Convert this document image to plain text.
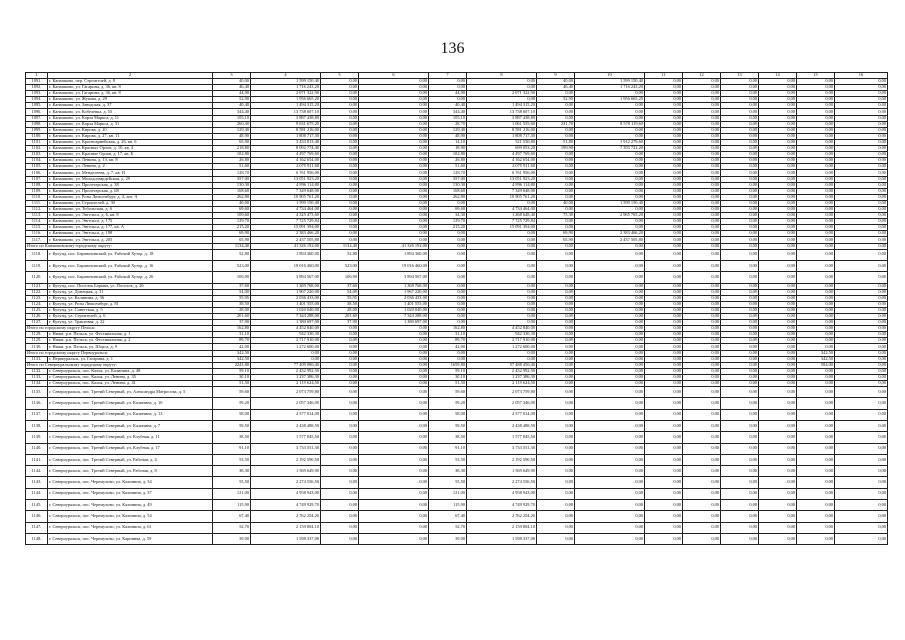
136
1	2	3	4	5	6	7	8	9	10	11	12	13	14	15	16
1091.	г. Канашково, пер. Строителей, д. 8	40,00	1 599 150,40	0,00	0,00	0,00	0,00	40,00	1 599 150,40	0,00	0,00	0,00	0,00	0,00	0,00
1092.	г. Канашково, ул. Гагарина, д. 36, кв. 8	46,40	1 716 243,20	0,00	0,00	0,00	0,00	46,40	1 716 243,20	0,00	0,00	0,00	0,00	0,00	0,00
1093.	г. Канашково, ул. Гагарина, д. 36, кв. 8	44,90	2 071 322,90	0,00	0,00	44,90	2 071 322,90	0,00	0,00	0,00	0,00	0,00	0,00	0,00	0,00
1094.	г. Канашково, ул. Жукова, д. 29	52,90	1 956 665,20	0,00	0,00	0,00	0,00	52,90	1 956 665,20	0,00	0,00	0,00	0,00	0,00	0,00
1095.	г. Канашково, ул. Заводская, д. 37	40,40	1 494 315,20	0,00	0,00	40,40	1 494 315,20	0,00	0,00	0,00	0,00	0,00	0,00	0,00	0,00
1096.	г. Канашково, ул. Кобелевка, д. 55	344,40	13 738 607,10	0,00	0,00	344,40	13 738 607,10	0,00	0,00	0,00	0,00	0,00	0,00	0,00	0,00
1097.	г. Канашково, ул. Карла Маркса, д. 11	105,10	3 887 438,80	0,00	0,00	105,10	3 887 438,80	0,00	0,00	0,00	0,00	0,00	0,00	0,00	0,00
1098.	г. Канашково, ул. Карла Маркса, д. 31	260,40	9 631 675,20	0,00	0,00	28,70	1 061 555,60	231,70	8 570 119,60	0,00	0,00	0,00	0,00	0,00	0,00
1099.	г. Канашково, ул. Кирова, д. 10	129,40	8 581 216,00	0,00	0,00	129,40	8 581 216,00	0,00	0,00	0,00	0,00	0,00	0,00	0,00	0,00
1100.	г. Канашково, ул. Кирова, д. 27, кв. 11	48,90	1 808 717,30	0,00	0,00	48,90	1 808 717,30	0,00	0,00	0,00	0,00	0,00	0,00	0,00	0,00
1101.	г. Канашково, ул. Красноармейская, д. 26, кв. 6	65,90	3 433 813,40	0,00	0,00	14,10	521 530,80	51,80	1 912 279,60	0,00	0,00	0,00	0,00	0,00	0,00
1102.	г. Канашково, ул. Красных Орлов, д. 10, кв. 4	218,80	8 092 774,40	0,00	0,00	18,90	699 053,20	199,90	7 393 721,20	0,00	0,00	0,00	0,00	0,00	0,00
1103.	г. Канашково, ул. Красные Орлов, д. 17, кв. Б	102,80	4 497 769,60	0,00	0,00	102,80	4 497 769,60	0,00	0,00	0,00	0,00	0,00	0,00	0,00	0,00
1104.	г. Канашково, ул. Ленина, д. 13, кв. 8	26,80	4 162 654,00	0,00	0,00	26,80	4 162 654,00	0,00	0,00	0,00	0,00	0,00	0,00	0,00	0,00
1105.	г. Канашково, ул. Ленина, д. 2	51,60	2 075 911,60	0,00	0,00	51,60	2 075 911,60	0,00	0,00	0,00	0,00	0,00	0,00	0,00	0,00
1106.	г. Канашково, ул. Менделеева, д. 7, кв. И	128,70	6 761 956,00	0,00	0,00	128,70	6 761 956,00	0,00	0,00	0,00	0,00	0,00	0,00	0,00	0,00
1107.	г. Канашково, ул. Молодогвардейская, д. 29	357,00	13 051 923,20	0,00	0,00	357,00	13 051 923,20	0,00	0,00	0,00	0,00	0,00	0,00	0,00	0,00
1108.	г. Канашково, ул. Пролетарская, д. 38	130,30	4 896 114,80	0,00	0,00	130,30	4 896 114,80	0,00	0,00	0,00	0,00	0,00	0,00	0,00	0,00
1109.	г. Канашково, ул. Пролетарская, д. 68	168,60	7 349 648,00	0,00	0,00	168,60	7 349 648,00	0,00	0,00	0,00	0,00	0,00	0,00	0,00	0,00
1110.	г. Канашково, ул. Розы Люксембург, д. 4, лит. А	262,80	10 905 761,20	0,00	0,00	262,80	10 905 761,20	0,00	0,00	0,00	0,00	0,00	0,00	0,00	0,00
1111.	г. Канашково, ул. Строителей, д. 30	40,00	1 599 150,40	0,00	0,00	0,00	0,00	40,00	1 599 150,40	0,00	0,00	0,00	0,00	0,00	0,00
1112.	г. Канашково, ул. Тобольская, д. 6	69,60	4 734 464,00	0,00	0,00	69,60	4 734 464,00	0,00	0,00	0,00	0,00	0,00	0,00	0,00	0,00
1113.	г. Канашково, ул. Энгельса, д. 6, кв. 8	109,60	4 325 473,60	0,00	0,00	34,30	1 268 648,40	75,30	2 965 765,20	0,00	0,00	0,00	0,00	0,00	0,00
1114.	г. Канашково, ул. Энгельса, д. 175	129,70	7 725 729,84	0,00	0,00	129,70	7 725 729,84	0,00	0,00	0,00	0,00	0,00	0,00	0,00	0,00
1115.	г. Канашково, ул. Энгельса, д. 177, кв. А	215,20	15 091 394,00	0,00	0,00	215,20	15 091 394,00	0,00	0,00	0,00	0,00	0,00	0,00	0,00	0,00
1116.	г. Канашково, ул. Энгельса, д. 198	69,90	2 383 466,20	0,00	0,00	0,00	0,00	69,90	2 383 466,20	0,00	0,00	0,00	0,00	0,00	0,00
1117.	г. Канашково, ул. Энгельса, д. 205	65,90	2 437 505,80	0,00	0,00	0,00	0,00	65,90	2 437 505,80	0,00	0,00	0,00	0,00	0,00	0,00
Итого по Канашковскому городскому округу:		1134,40	41 326 192,00	1134,40	41 326 192,00	0,00	0,00	0,00	0,00	0,00	0,00	0,00	0,00	0,00	0,00
1118.	г. Кулунд, пос. Бараночинский, ул. Рабочий Хутор, д. 18	52,80	1 894 360,00	52,80	1 894 360,00	0,00	0,00	0,00	0,00	0,00	0,00	0,00	0,00	0,00	0,00
1119.	г. Кулунд, пос. Бараночинский, ул. Рабочий Хутор, д. 16	523,00	19 016 460,00	523,00	19 016 460,00	0,00	0,00	0,00	0,00	0,00	0,00	0,00	0,00	0,00	0,00
1120.	г. Кулунд, пос. Бараночинский, ул. Рабочий Хутор, д. 26	106,90	3 894 567,00	106,90	3 894 567,00	0,00	0,00	0,00	0,00	0,00	0,00	0,00	0,00	0,00	0,00
1121.	г. Кулунд, пос. Поселок Бараша, ул. Поселок, д. 26	37,60	1 369 768,00	37,60	1 369 768,00	0,00	0,00	0,00	0,00	0,00	0,00	0,00	0,00	0,00	0,00
1122.	г. Кулунд, ул. Донецкая, д. 31	54,00	1 967 220,00	54,00	1 967 220,00	0,00	0,00	0,00	0,00	0,00	0,00	0,00	0,00	0,00	0,00
1123.	г. Кулунд, ул. Калинина, д. 36	55,95	2 036 433,00	55,95	2 036 433,00	0,00	0,00	0,00	0,00	0,00	0,00	0,00	0,00	0,00	0,00
1124.	г. Кулунд, ул. Розы Люксембург, д. 81	38,50	1 401 555,00	38,50	1 401 555,00	0,00	0,00	0,00	0,00	0,00	0,00	0,00	0,00	0,00	0,00
1125.	г. Кулунд, ул. Советская, д. 5	28,00	1 020 040,00	28,00	1 020 040,00	0,00	0,00	0,00	0,00	0,00	0,00	0,00	0,00	0,00	0,00
1126.	г. Кулунд, ул. Строителей, д. 6	201,60	7 344 288,00	201,60	7 344 288,00	0,00	0,00	0,00	0,00	0,00	0,00	0,00	0,00	0,00	0,00
1127.	г. Кулунд, ул. Трактовая, д. 22	37,90	1 380 697,00	37,90	1 380 697,00	0,00	0,00	0,00	0,00	0,00	0,00	0,00	0,00	0,00	0,00
Итого по городскому округу Пельск:		162,80	4 452 840,00	0,00	0,00	162,80	4 452 840,00	0,00	0,00	0,00	0,00	0,00	0,00	0,00	0,00
1128.	г. Нижн, р.п. Пельск, ул. Фестивальная, д. 1	31,10	942 330,30	0,00	0,00	31,10	942 330,30	0,00	0,00	0,00	0,00	0,00	0,00	0,00	0,00
1129.	г. Нижн, р.п. Пельск, ул. Фестивальная, д. 2	89,70	2 717 910,00	0,00	0,00	89,70	2 717 910,00	0,00	0,00	0,00	0,00	0,00	0,00	0,00	0,00
1130.	г. Нижн, р.п. Пельск, ул. Шорса, д. 9	42,00	1 272 600,00	0,00	0,00	42,00	1 272 600,00	0,00	0,00	0,00	0,00	0,00	0,00	0,00	0,00
Итого по городскому округу Первоуральск:		342,50	0,00	0,00	0,00	0,00	0,00	0,00	0,00	0,00	0,00	0,00	0,00	342,50	0,00
1131.	г. Первоуральск, ул. Гагарина, д. 1	342,50	0,00	0,00	0,00	0,00	0,00	0,00	0,00	0,00	0,00	0,00	0,00	342,50	0,00
Итого по Североуральскому городскому округу:		2243,80	77 409 086,40	0,00	0,00	1659,80	57 488 456,40	0,00	0,00	0,00	0,00	0,00	0,00	584,00	0,00
1132.	г. Североуральск, пос. Калья, ул. Калинина, д. 48	59,10	2 432 992,50	0,00	0,00	59,10	2 432 992,50	0,00	0,00	0,00	0,00	0,00	0,00	0,00	0,00
1133.	г. Североуральск, пос. Калья, ул. Ленина, д. 35	30,10	1 237 386,30	0,00	0,00	30,10	1 237 386,30	0,00	0,00	0,00	0,00	0,00	0,00	0,00	0,00
1134.	г. Североуральск, пос. Калья, ул. Ленина, д. 41	51,50	2 119 624,50	0,00	0,00	51,50	2 119 624,50	0,00	0,00	0,00	0,00	0,00	0,00	0,00	0,00
1135.	г. Североуральск, пос. Третий Северный, ул. Александра Матросова, д. 5	59,60	2 073 759,80	0,00	0,00	59,60	2 073 759,80	0,00	0,00	0,00	0,00	0,00	0,00	0,00	0,00
1136.	г. Североуральск, пос. Третий Северный, ул. Калинина, д. 10	59,20	2 057 346,00	0,00	0,00	59,20	2 057 346,00	0,00	0,00	0,00	0,00	0,00	0,00	0,00	0,00
1137.	г. Североуральск, пос. Третий Северный, ул. Калинина, д. 13	58,00	2 377 014,00	0,00	0,00	58,00	2 377 014,00	0,00	0,00	0,00	0,00	0,00	0,00	0,00	0,00
1138.	г. Североуральск, пос. Третий Северный, ул. Калинина, д. 7	59,50	2 438 488,50	0,00	0,00	59,50	2 438 488,50	0,00	0,00	0,00	0,00	0,00	0,00	0,00	0,00
1139.	г. Североуральск, пос. Третий Северный, ул. Клубная, д. 11	38,50	1 577 845,50	0,00	0,00	38,50	1 577 845,50	0,00	0,00	0,00	0,00	0,00	0,00	0,00	0,00
1140.	г. Североуральск, пос. Третий Северный, ул. Клубная, д. 17	91,10	3 733 551,30	0,00	0,00	91,10	3 733 551,30	0,00	0,00	0,00	0,00	0,00	0,00	0,00	0,00
1141.	г. Североуральск, пос. Третий Северный, ул. Рабочая, д. 4	53,50	2 192 590,50	0,00	0,00	53,50	2 192 590,50	0,00	0,00	0,00	0,00	0,00	0,00	0,00	0,00
1142.	г. Североуральск, пос. Третий Северный, ул. Рабочая, д. 8	38,30	1 569 649,90	0,00	0,00	38,30	1 569 649,90	0,00	0,00	0,00	0,00	0,00	0,00	0,00	0,00
1143.	г. Североуральск, пос. Черемухово, ул. Калинина, д. 34	55,50	2 274 556,50	0,00	0,00	55,50	2 274 556,50	0,00	0,00	0,00	0,00	0,00	0,00	0,00	0,00
1144.	г. Североуральск, пос. Черемухово, ул. Калинина, д. 37	121,00	4 958 943,00	0,00	0,00	121,00	4 958 943,00	0,00	0,00	0,00	0,00	0,00	0,00	0,00	0,00
1145.	г. Североуральск, пос. Черемухово, ул. Калинина, д. 49	115,90	4 749 929,70	0,00	0,00	115,90	4 749 929,70	0,00	0,00	0,00	0,00	0,00	0,00	0,00	0,00
1146.	г. Североуральск, пос. Черемухово, ул. Калинина, д. 54	67,40	2 762 254,20	0,00	0,00	67,40	2 762 254,20	0,00	0,00	0,00	0,00	0,00	0,00	0,00	0,00
1147.	г. Североуральск, пос. Черемухово, ул. Калинина, д. 61	52,70	2 159 804,10	0,00	0,00	52,70	2 159 804,10	0,00	0,00	0,00	0,00	0,00	0,00	0,00	0,00
1148.	г. Североуральск, пос. Черемухово, ул. Карпинка, д. 59	39,00	1 598 337,00	0,00	0,00	39,00	1 598 337,00	0,00	0,00	0,00	0,00	0,00	0,00	0,00	0,00
